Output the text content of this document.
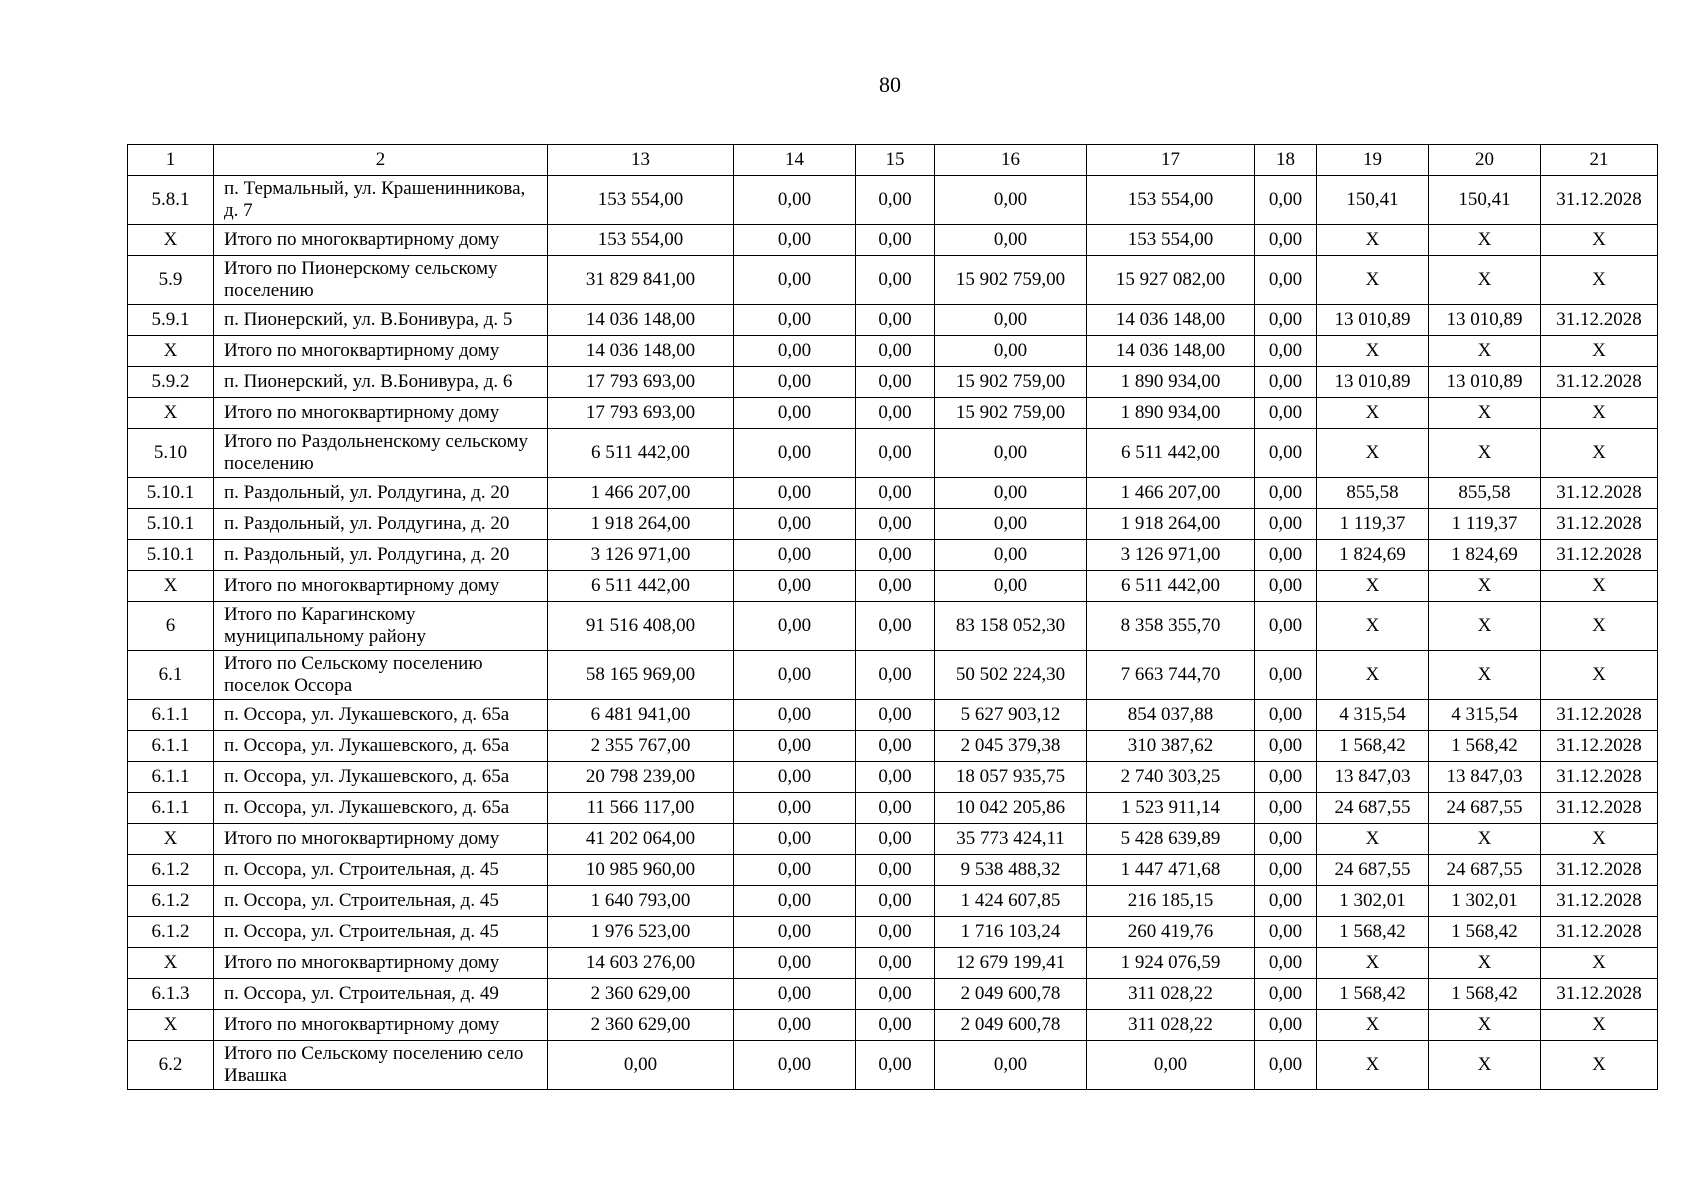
80
1	2	13	14	15	16	17	18	19	20	21
5.8.1	п. Термальный, ул. Крашенинникова, д. 7	153 554,00	0,00	0,00	0,00	153 554,00	0,00	150,41	150,41	31.12.2028
X	Итого по многоквартирному дому	153 554,00	0,00	0,00	0,00	153 554,00	0,00	X	X	X
5.9	Итого по Пионерскому сельскому поселению	31 829 841,00	0,00	0,00	15 902 759,00	15 927 082,00	0,00	X	X	X
5.9.1	п. Пионерский, ул. В.Бонивура, д. 5	14 036 148,00	0,00	0,00	0,00	14 036 148,00	0,00	13 010,89	13 010,89	31.12.2028
X	Итого по многоквартирному дому	14 036 148,00	0,00	0,00	0,00	14 036 148,00	0,00	X	X	X
5.9.2	п. Пионерский, ул. В.Бонивура, д. 6	17 793 693,00	0,00	0,00	15 902 759,00	1 890 934,00	0,00	13 010,89	13 010,89	31.12.2028
X	Итого по многоквартирному дому	17 793 693,00	0,00	0,00	15 902 759,00	1 890 934,00	0,00	X	X	X
5.10	Итого по Раздольненскому сельскому поселению	6 511 442,00	0,00	0,00	0,00	6 511 442,00	0,00	X	X	X
5.10.1	п. Раздольный, ул. Ролдугина, д. 20	1 466 207,00	0,00	0,00	0,00	1 466 207,00	0,00	855,58	855,58	31.12.2028
5.10.1	п. Раздольный, ул. Ролдугина, д. 20	1 918 264,00	0,00	0,00	0,00	1 918 264,00	0,00	1 119,37	1 119,37	31.12.2028
5.10.1	п. Раздольный, ул. Ролдугина, д. 20	3 126 971,00	0,00	0,00	0,00	3 126 971,00	0,00	1 824,69	1 824,69	31.12.2028
X	Итого по многоквартирному дому	6 511 442,00	0,00	0,00	0,00	6 511 442,00	0,00	X	X	X
6	Итого по Карагинскому муниципальному району	91 516 408,00	0,00	0,00	83 158 052,30	8 358 355,70	0,00	X	X	X
6.1	Итого по Сельскому поселению поселок Оссора	58 165 969,00	0,00	0,00	50 502 224,30	7 663 744,70	0,00	X	X	X
6.1.1	п. Оссора, ул. Лукашевского, д. 65а	6 481 941,00	0,00	0,00	5 627 903,12	854 037,88	0,00	4 315,54	4 315,54	31.12.2028
6.1.1	п. Оссора, ул. Лукашевского, д. 65а	2 355 767,00	0,00	0,00	2 045 379,38	310 387,62	0,00	1 568,42	1 568,42	31.12.2028
6.1.1	п. Оссора, ул. Лукашевского, д. 65а	20 798 239,00	0,00	0,00	18 057 935,75	2 740 303,25	0,00	13 847,03	13 847,03	31.12.2028
6.1.1	п. Оссора, ул. Лукашевского, д. 65а	11 566 117,00	0,00	0,00	10 042 205,86	1 523 911,14	0,00	24 687,55	24 687,55	31.12.2028
X	Итого по многоквартирному дому	41 202 064,00	0,00	0,00	35 773 424,11	5 428 639,89	0,00	X	X	X
6.1.2	п. Оссора, ул. Строительная, д. 45	10 985 960,00	0,00	0,00	9 538 488,32	1 447 471,68	0,00	24 687,55	24 687,55	31.12.2028
6.1.2	п. Оссора, ул. Строительная, д. 45	1 640 793,00	0,00	0,00	1 424 607,85	216 185,15	0,00	1 302,01	1 302,01	31.12.2028
6.1.2	п. Оссора, ул. Строительная, д. 45	1 976 523,00	0,00	0,00	1 716 103,24	260 419,76	0,00	1 568,42	1 568,42	31.12.2028
X	Итого по многоквартирному дому	14 603 276,00	0,00	0,00	12 679 199,41	1 924 076,59	0,00	X	X	X
6.1.3	п. Оссора, ул. Строительная, д. 49	2 360 629,00	0,00	0,00	2 049 600,78	311 028,22	0,00	1 568,42	1 568,42	31.12.2028
X	Итого по многоквартирному дому	2 360 629,00	0,00	0,00	2 049 600,78	311 028,22	0,00	X	X	X
6.2	Итого по Сельскому поселению село Ивашка	0,00	0,00	0,00	0,00	0,00	0,00	X	X	X
